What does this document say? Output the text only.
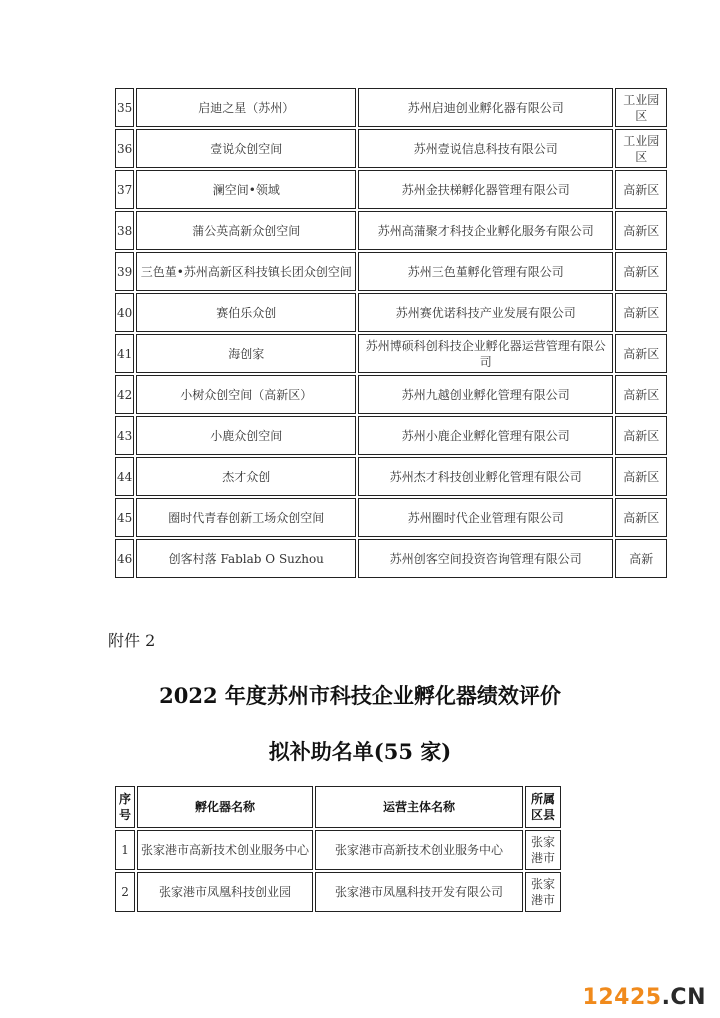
35	启迪之星（苏州）	苏州启迪创业孵化器有限公司	工业园区
36	壹说众创空间	苏州壹说信息科技有限公司	工业园区
37	澜空间•领域	苏州金扶梯孵化器管理有限公司	高新区
38	蒲公英高新众创空间	苏州高蒲聚才科技企业孵化服务有限公司	高新区
39	三色堇•苏州高新区科技镇长团众创空间	苏州三色堇孵化管理有限公司	高新区
40	赛伯乐众创	苏州赛优诺科技产业发展有限公司	高新区
41	海创家	苏州博硕科创科技企业孵化器运营管理有限公司	高新区
42	小树众创空间（高新区）	苏州九越创业孵化管理有限公司	高新区
43	小鹿众创空间	苏州小鹿企业孵化管理有限公司	高新区
44	杰才众创	苏州杰才科技创业孵化管理有限公司	高新区
45	圈时代青春创新工场众创空间	苏州圈时代企业管理有限公司	高新区
46	创客村落 Fablab O Suzhou	苏州创客空间投资咨询管理有限公司	高新
附件 2
2022 年度苏州市科技企业孵化器绩效评价
拟补助名单(55 家)
序号	孵化器名称	运营主体名称	所属区县
1	张家港市高新技术创业服务中心	张家港市高新技术创业服务中心	张家港市
2	张家港市凤凰科技创业园	张家港市凤凰科技开发有限公司	张家港市
12425.CN
